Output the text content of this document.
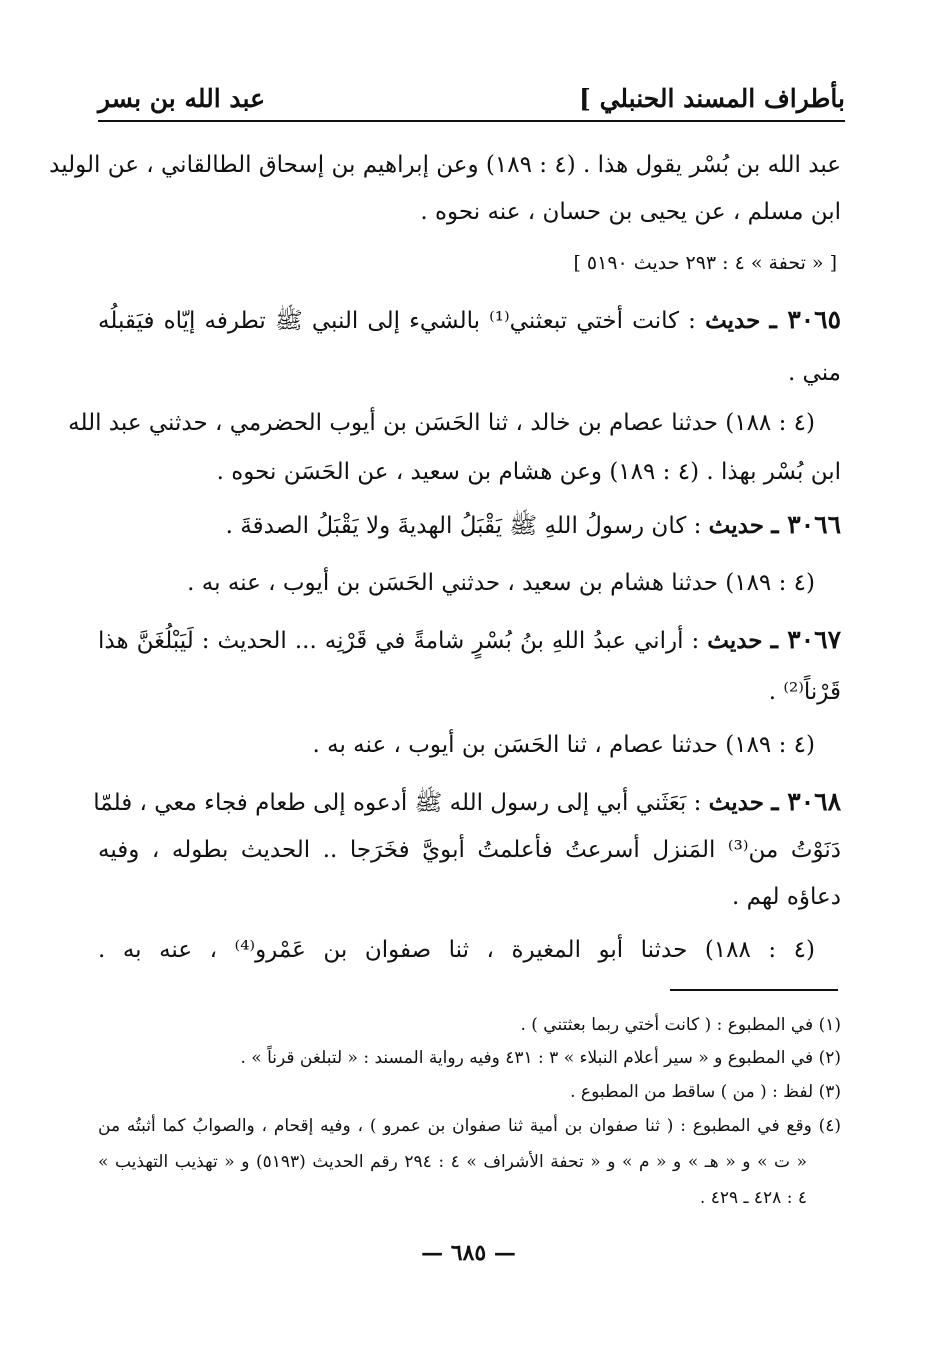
بأطراف المسند الحنبلي ]
عبد الله بن بسر
عبد الله بن بُسْر يقول هذا . (٤ : ١٨٩) وعن إبراهيم بن إسحاق الطالقاني ، عن الوليد
ابن مسلم ، عن يحيى بن حسان ، عنه نحوه .
[ « تحفة » ٤ : ٢٩٣ حديث ٥١٩٠ ]
٣٠٦٥ ـ حديث : كانت أختي تبعثني⁽¹⁾ بالشيء إلى النبي ﷺ تطرفه إيّاه فيَقبلُه
مني .
(٤ : ١٨٨) حدثنا عصام بن خالد ، ثنا الحَسَن بن أيوب الحضرمي ، حدثني عبد الله
ابن بُسْر بهذا . (٤ : ١٨٩) وعن هشام بن سعيد ، عن الحَسَن نحوه .
٣٠٦٦ ـ حديث : كان رسولُ اللهِ ﷺ يَقْبَلُ الهديةَ ولا يَقْبَلُ الصدقةَ .
(٤ : ١٨٩) حدثنا هشام بن سعيد ، حدثني الحَسَن بن أيوب ، عنه به .
٣٠٦٧ ـ حديث : أراني عبدُ اللهِ بنُ بُسْرٍ شامةً في قَرْنِه ... الحديث : لَيَبْلُغَنَّ هذا
قَرْناً⁽²⁾ .
(٤ : ١٨٩) حدثنا عصام ، ثنا الحَسَن بن أيوب ، عنه به .
٣٠٦٨ ـ حديث : بَعَثَني أبي إلى رسول الله ﷺ أدعوه إلى طعام فجاء معي ، فلمّا
دَنَوْتُ من⁽³⁾ المَنزل أسرعتُ فأعلمتُ أبويَّ فخَرَجا .. الحديث بطوله ، وفيه
دعاؤه لهم .
(٤ : ١٨٨) حدثنا أبو المغيرة ، ثنا صفوان بن عَمْرو⁽⁴⁾ ، عنه به .
(١) في المطبوع : ( كانت أختي ربما بعثتني ) .
(٢) في المطبوع و « سير أعلام النبلاء » ٣ : ٤٣١ وفيه رواية المسند : « لتبلغن قرناً » .
(٣) لفظ : ( من ) ساقط من المطبوع .
(٤) وقع في المطبوع : ( ثنا صفوان بن أمية ثنا صفوان بن عمرو ) ، وفيه إقحام ، والصوابُ كما أثبتُه من
« ت » و « هـ » و « م » و « تحفة الأشراف » ٤ : ٢٩٤ رقم الحديث (٥١٩٣) و « تهذيب التهذيب »
٤ : ٤٢٨ ـ ٤٢٩ .
— ٦٨٥ —
